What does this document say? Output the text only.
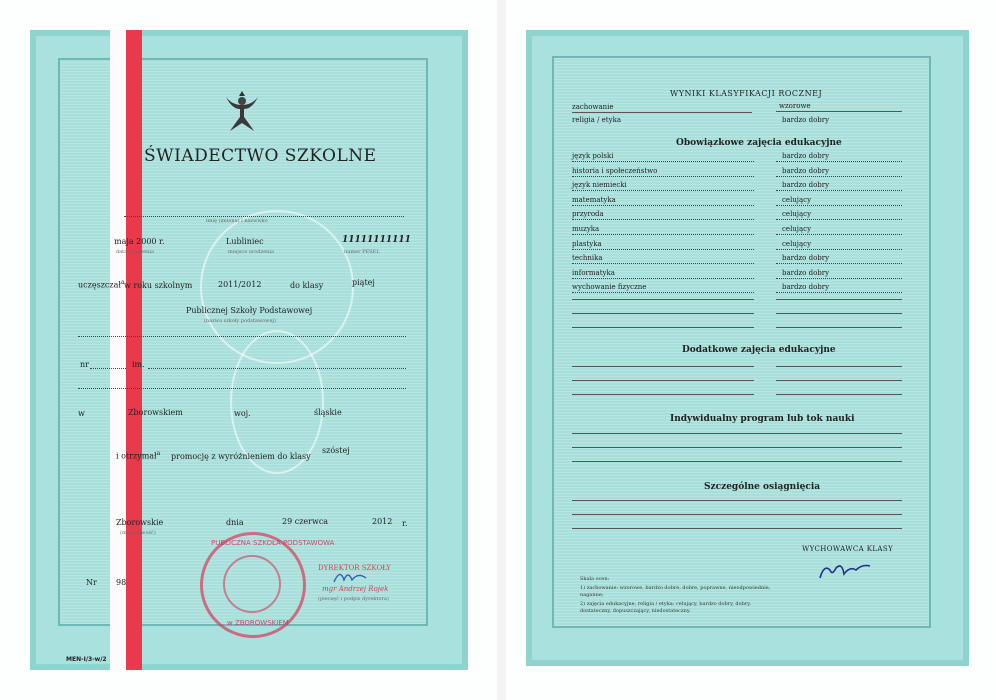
ŚWIADECTWO SZKOLNE
imię (imiona) i nazwisko
maja 2000 r.
data urodzenia
Lubliniec
miejsce urodzenia
11111111111
numer PESEL
uczęszczał$^a$ w roku szkolnym	2011/2012	do klasy	piątej
Publicznej Szkoły Podstawowej
(nazwa szkoły podstawowej)
nr	im.
w	Zborowskiem	woj.	śląskie
i otrzymał$^a$ promocję z wyróżnieniem do klasy
szóstej
Zborowskie
(miejscowość)
dnia	29 czerwca	2012 r.
PUBLICZNA SZKOŁA PODSTAWOWA
w ZBOROWSKIEM
Nr 98
DYREKTOR SZKOŁY
mgr Andrzej Rojek
(pieczęć i podpis dyrektora)
MEN-I/3-w/2
WYNIKI KLASYFIKACJI ROCZNEJ
zachowanie	wzorowe
religia / etyka	bardzo dobry
Obowiązkowe zajęcia edukacyjne
Dodatkowe zajęcia edukacyjne
Indywidualny program lub tok nauki
Szczególne osiągnięcia
WYCHOWAWCA KLASY
Skala ocen:
1) zachowanie: wzorowe, bardzo dobre, dobre, poprawne, nieodpowiednie, naganne;
2) zajęcia edukacyjne, religia / etyka: celujący, bardzo dobry, dobry, dostateczny, dopuszczający, niedostateczny.
język polski	bardzo dobry
historia i społeczeństwo	bardzo dobry
język niemiecki	bardzo dobry
matematyka	celujący
przyroda	celujący
muzyka	celujący
plastyka	celujący
technika	bardzo dobry
informatyka	bardzo dobry
wychowanie fizyczne	bardzo dobry
